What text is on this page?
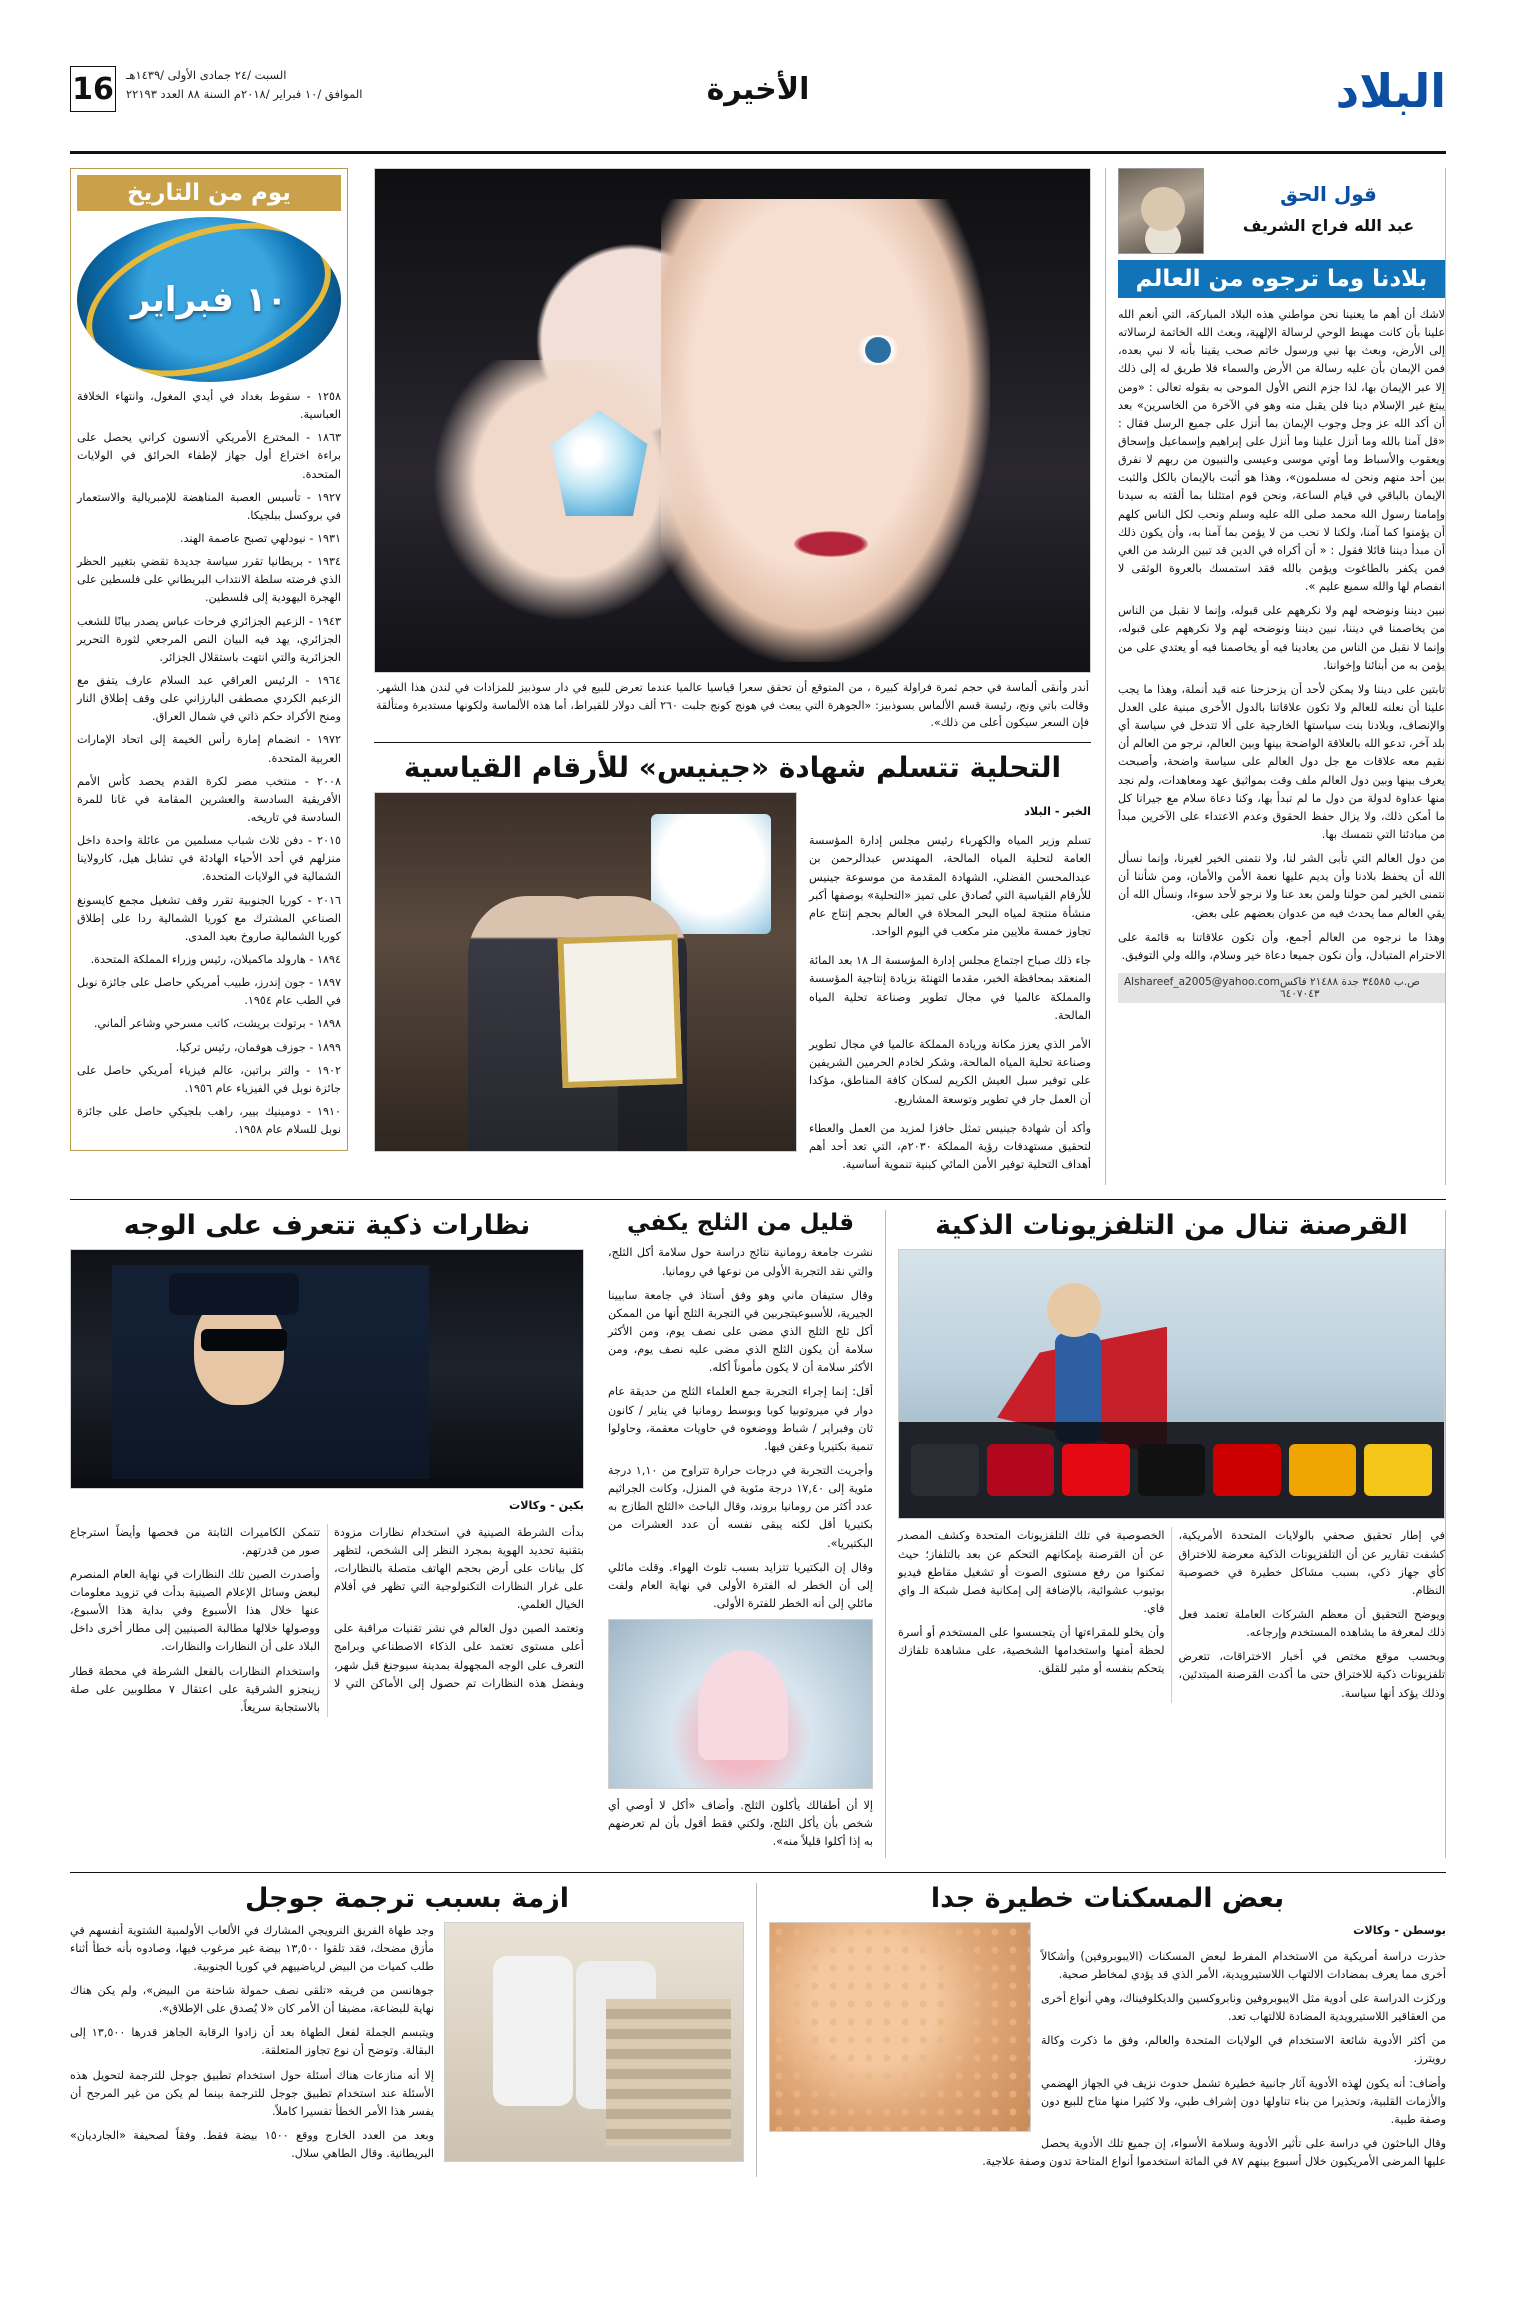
البلاد
الأخيرة
السبت /٢٤ جمادى الأولى /١٤٣٩هـ
الموافق /١٠ فبراير /٢٠١٨م السنة ٨٨ العدد ٢٢١٩٣
16
قول الحق
عبد الله فراج الشريف
بلادنا وما ترجوه من العالم

لاشك أن أهم ما يعنينا نحن مواطني هذه البلاد المباركة، التي أنعم الله علينا بأن كانت مهبط الوحي لرسالة الإلهية، وبعث الله الخاتمة لرسالاته إلى الأرض، وبعث بها نبي ورسول خاتم صحب يقينا بأنه لا نبي بعده، فمن الإيمان بأن عليه رسالة من الأرض والسماء فلا طريق له إلى ذلك إلا عبر الإيمان بها، لذا جزم النص الأول الموحى به بقوله تعالى : «ومن يبتغ غير الإسلام دينا فلن يقبل منه وهو في الآخرة من الخاسرين» بعد أن أكد الله عز وجل وجوب الإيمان بما أنزل على جميع الرسل فقال : «قل آمنا بالله وما أنزل علينا وما أنزل على إبراهيم وإسماعيل وإسحاق ويعقوب والأسباط وما أوتي موسى وعيسى والنبيون من ربهم لا نفرق بين أحد منهم ونحن له مسلمون»، وهذا هو أثبت بالإيمان بالكل والثبت الإيمان بالباقي في قيام الساعة، ونحن قوم امتثلنا بما ألقته به سيدنا وإمامنا رسول الله محمد صلى الله عليه وسلم ونحب لكل الناس كلهم أن يؤمنوا كما آمنا، ولكنا لا نحب من لا يؤمن بما آمنا به، وأن يكون ذلك أن مبدأ ديننا قائلا فقول : « أن أكراه في الدين قد تبين الرشد من الغي فمن يكفر بالطاغوت ويؤمن بالله فقد استمسك بالعروة الوثقى لا انفصام لها والله سميع عليم ».

نبين ديننا ونوضحه لهم ولا نكرههم على قبوله، وإنما لا نقبل من الناس من يخاصمنا في ديننا، نبين ديننا ونوضحه لهم ولا نكرههم على قبوله، وإنما لا نقبل من الناس من يعادينا فيه أو يخاصمنا فيه أو يعتدي على من يؤمن به من أبنائنا وإخواننا.

تابتين على ديننا ولا يمكن لأحد أن يزحزحنا عنه قيد أنملة، وهذا ما يجب علينا أن نعلنه للعالم ولا تكون علاقاتنا بالدول الأخرى مبنية على العدل والإنصاف، وبلادنا بنت سياستها الخارجية على ألا تتدخل في سياسة أي بلد آخر، تدعو الله بالعلاقة الواضحة بينها وبين العالم، نرجو من العالم أن نقيم معه علاقات مع جل دول العالم على سياسة واضحة، وأصبحت يعرف بينها وبين دول العالم ملف وقت بمواثيق عهد ومعاهدات، ولم نجد منها عداوة لدولة من دول ما لم تبدأ بها، وكنا دعاة سلام مع جيرانا كل ما أمكن ذلك، ولا يزال حفظ الحقوق وعدم الاعتداء على الآخرين مبدأ من مبادئنا التي نتمسك بها.

من دول العالم التي تأبى الشر لنا، ولا نتمنى الخير لغيرنا، وإنما نسأل الله أن يحفظ بلادنا وأن يديم عليها نعمة الأمن والأمان، ومن شأننا أن نتمنى الخير لمن حولنا ولمن بعد عنا ولا نرجو لأحد سوءا، ونسأل الله أن يقي العالم مما يحدث فيه من عدوان بعضهم على بعض.

وهذا ما نرجوه من العالم أجمع، وأن تكون علاقاتنا به قائمة على الاحترام المتبادل، وأن نكون جميعا دعاة خير وسلام، والله ولي التوفيق.

Alshareef_a2005@yahoo.com ص.ب ٣٤٥٨٥ جدة ٢١٤٨٨ فاكس ٦٤٠٧٠٤٣
أندر وأنقى ألماسة في حجم ثمرة فراولة كبيرة ، من المتوقع أن تحقق سعرا قياسيا عالميا عندما تعرض للبيع في دار سوذبيز للمزادات في لندن هذا الشهر. وقالت باتي ونج، رئيسة قسم الألماس بسوذبيز: «الجوهرة التي يبعث في هونج كونج جلبت ٢٦٠ ألف دولار للقيراط، أما هذه الألماسة ولكونها مستديرة ومتألقة فإن السعر سيكون أعلى من ذلك».
التحلية تتسلم شهادة «جينيس» للأرقام القياسية

الخبر - البلاد

تسلم وزير المياه والكهرباء رئيس مجلس إدارة المؤسسة العامة لتحلية المياه المالحة، المهندس عبدالرحمن بن عبدالمحسن الفضلي، الشهادة المقدمة من موسوعة جينيس للأرقام القياسية التي تُصادق على تميز «التحلية» بوصفها أكبر منشأة منتجة لمياه البحر المحلاة في العالم بحجم إنتاج عام تجاوز خمسة ملايين متر مكعب في اليوم الواحد.

جاء ذلك صباح اجتماع مجلس إدارة المؤسسة الـ ١٨ بعد المائة المنعقد بمحافظة الخبر، مقدما التهنئة بزيادة إنتاجية المؤسسة والمملكة عالميا في مجال تطوير وصناعة تحلية المياه المالحة.

الأمر الذي يعزز مكانة وريادة المملكة عالميا في مجال تطوير وصناعة تحلية المياه المالحة، وشكر لخادم الحرمين الشريفين على توفير سبل العيش الكريم لسكان كافة المناطق، مؤكدا أن العمل جار في تطوير وتوسعة المشاريع.

وأكد أن شهادة جينيس تمثل حافزا لمزيد من العمل والعطاء لتحقيق مستهدفات رؤية المملكة ٢٠٣٠م، التي تعد أحد أهم أهداف التحلية توفير الأمن المائي كبنية تنموية أساسية.

يوم من التاريخ
١٠ فبراير

١٢٥٨ - سقوط بغداد في أيدي المغول، وانتهاء الخلافة العباسية.

١٨٦٣ - المخترع الأمريكي ألانسون كراني يحصل على براءة اختراع أول جهاز لإطفاء الحرائق في الولايات المتحدة.

١٩٢٧ - تأسيس العصبة المناهضة للإمبريالية والاستعمار في بروكسل ببلجيكا.

١٩٣١ - نيودلهي تصبح عاصمة الهند.

١٩٣٤ - بريطانيا تقرر سياسة جديدة تقضي بتغيير الحظر الذي فرضته سلطة الانتداب البريطاني على فلسطين على الهجرة اليهودية إلى فلسطين.

١٩٤٣ - الزعيم الجزائري فرحات عباس يصدر بيانًا للشعب الجزائري، يهد فيه البيان النص المرجعي لثورة التحرير الجزائرية والتي انتهت باستقلال الجزائر.

١٩٦٤ - الرئيس العراقي عبد السلام عارف يتفق مع الزعيم الكردي مصطفى البارزاني على وقف إطلاق النار ومنح الأكراد حكم ذاتي في شمال العراق.

١٩٧٢ - انضمام إمارة رأس الخيمة إلى اتحاد الإمارات العربية المتحدة.

٢٠٠٨ - منتخب مصر لكرة القدم يحصد كأس الأمم الأفريقية السادسة والعشرين المقامة في غانا للمرة السادسة في تاريخه.

٢٠١٥ - دفن ثلاث شباب مسلمين من عائلة واحدة داخل منزلهم في أحد الأحياء الهادئة في تشابل هيل، كارولاينا الشمالية في الولايات المتحدة.

٢٠١٦ - كوريا الجنوبية تقرر وقف تشغيل مجمع كايسونغ الصناعي المشترك مع كوريا الشمالية ردا على إطلاق كوريا الشمالية صاروخ بعيد المدى.

١٨٩٤ - هارولد ماكميلان، رئيس وزراء المملكة المتحدة.

١٨٩٧ - جون إندرز، طبيب أمريكي حاصل على جائزة نوبل في الطب عام ١٩٥٤.

١٨٩٨ - برتولت بريشت، كاتب مسرحي وشاعر ألماني.

١٨٩٩ - جوزف هوفمان، رئيس تركيا.

١٩٠٢ - والتر براتين، عالم فيزياء أمريكي حاصل على جائزة نوبل في الفيزياء عام ١٩٥٦.

١٩١٠ - دومينيك بيير، راهب بلجيكي حاصل على جائزة نوبل للسلام عام ١٩٥٨.

القرصنة تنال من التلفزيونات الذكية

في إطار تحقيق صحفي بالولايات المتحدة الأمريكية، كشفت تقارير عن أن التلفزيونات الذكية معرضة للاختراق كأي جهاز ذكي، بسبب مشاكل خطيرة في خصوصية النظام.

ويوضح التحقيق أن معظم الشركات العاملة تعتمد فعل ذلك لمعرفة ما يشاهده المستخدم وإرجاعه.

وبحسب موقع مختص في أخبار الاختراقات، تتعرض تلفزيونات ذكية للاختراق حتى ما أكدت القرصنة المبتدئين، وذلك يؤكد أنها سياسة.

الخصوصية في تلك التلفزيونات المتحدة وكشف المصدر عن أن القرصنة بإمكانهم التحكم عن بعد بالتلفاز؛ حيث تمكنوا من رفع مستوى الصوت أو تشغيل مقاطع فيديو بوتيوب عشوائية، بالإضافة إلى إمكانية فصل شبكة الـ واي فاي.

وأن يخلو للمقراءتها أن يتجسسوا على المستخدم أو أسرة لحظة أمنها واستخدامها الشخصية، على مشاهدة تلفازك يتحكم بنفسه أو مثير للقلق.

قليل من الثلج يكفي

نشرت جامعة رومانية نتائج دراسة حول سلامة أكل الثلج، والتي نقد التجربة الأولى من نوعها في رومانيا.

وقال ستيفان ماني وهو وفق أستاذ في جامعة سابيينا الجيرية، للأسبوعيتجربين في التجربة الثلج أنها من الممكن أكل ثلج الثلج الذي مضى على نصف يوم، ومن الأكثر سلامة أن يكون الثلج الذي مضى عليه نصف يوم، ومن الأكثر سلامة أن لا يكون مأموناً أكله.

أقل: إنما إجراء التجربة جمع العلماء الثلج من حديقة عام دوار في ميروتوبيا كوبا وبوسط رومانيا في يناير / كانون ثان وفبراير / شباط ووضعوه في حاويات معقمة، وحاولوا تنمية بكتيريا وعفن فيها.

وأجريت التجربة في درجات حرارة تتراوح من ١,١٠ درجة مئوية إلى ١٧,٤٠ درجة مئوية في المنزل، وكانت الجراثيم عدد أكثر من رومانيا بروند، وقال الباحث «الثلج الطازج به بكتيريا أقل لكنه يبقى نفسه أن عدد العشرات من البكتيريا».

وقال إن البكتيريا تتزايد بسبب تلوث الهواء. وقلت مائلي إلى أن الخطر له الفترة الأولى في نهاية العام ولفت مائلي إلى أنه الخطر للفترة الأولى.

إلا أن أطفالك يأكلون الثلج. وأضاف «أكل لا أوصي أي شخص بأن يأكل الثلج، ولكني فقط أقول بأن لم تعرضهم به إذا أكلوا قليلاً منه».

نظارات ذكية تتعرف على الوجه
بكين - وكالات

بدأت الشرطة الصينية في استخدام نظارات مزودة بتقنية تحديد الهوية بمجرد النظر إلى الشخص، لتظهر كل بيانات على أرض بحجم الهاتف متصلة بالنظارات، على غرار النظارات التكنولوجية التي تظهر في أفلام الخيال العلمي.

وتعتمد الصين دول العالم في نشر تقنيات مراقبة على أعلى مستوى تعتمد على الذكاء الاصطناعي وبرامج التعرف على الوجه المجهولة بمدينة سيوجنغ قبل شهر، وبفضل هذه النظارات تم حصول إلى الأماكن التي لا تتمكن الكاميرات الثابتة من فحصها وأيضاً استرجاع صور من قدرتهم.

وأصدرت الصين تلك النظارات في نهاية العام المنصرم لبعض وسائل الإعلام الصينية بدأت في تزويد معلومات عنها خلال هذا الأسبوع وفي بداية هذا الأسبوع، ووصولها خلالها مطالبة الصينيين إلى مطار أخرى داخل البلاد على أن النظارات والنظارات.

واستخدام النظارات بالفعل الشرطة في محطة قطار زينجزو الشرقية على اعتقال ٧ مطلوبين على صلة بالاستجابة سريعاً.

بعض المسكنات خطيرة جدا
بوسطن - وكالات

حذرت دراسة أمريكية من الاستخدام المفرط لبعض المسكنات (الايبوبروفين) وأشكالاً أخرى مما يعرف بمضادات الالتهاب اللاستيرويدية، الأمر الذي قد يؤدي لمخاطر صحية.

وركزت الدراسة على أدوية مثل الايبوبروفين ونابروكسين والديكلوفيناك، وهي أنواع أخرى من العقاقير اللاستيرويدية المضادة للالتهاب تعد.

من أكثر الأدوية شائعة الاستخدام في الولايات المتحدة والعالم، وفق ما ذكرت وكالة رويترز.

وأضاف: أنه يكون لهذه الأدوية آثار جانبية خطيرة تشمل حدوث نزيف في الجهاز الهضمي والأزمات القلبية، وتحذيرا من بناء تناولها دون إشراف طبي، ولا كثيرا منها متاح للبيع دون وصفة طبية.

وقال الباحثون في دراسة على تأثير الأدوية وسلامة الأسواء، إن جميع تلك الأدوية يحصل عليها المرضى الأمريكيون خلال أسبوع بينهم ٨٧ في المائة استخدموا أنواع المتاحة تدون وصفة علاجية.

ازمة بسبب ترجمة جوجل

وجد طهاة الفريق النرويجي المشارك في الألعاب الأولمبية الشتوية أنفسهم في مأزق مضحك، فقد تلقوا ١٣,٥٠٠ بيضة غير مرغوب فيها، وصادوه بأنه خطأ أثناء طلب كميات من البيض لرياضييهم في كوريا الجنوبية.

جوهانسن من فريقه «تلقى نصف حمولة شاحنة من البيض»، ولم يكن هناك نهاية للبضاعة، مضيفا أن الأمر كان «لا يُصدق على الإطلاق».

ويتبسم الجملة لفعل الطهاة بعد أن زادوا الرقابة الجاهز قدرها ١٣,٥٠٠ إلى البقالة. وتوضح أن نوع تجاوز المتعلقة.

إلا أنه منازعات هناك أسئلة حول استخدام تطبيق جوجل للترجمة لتحويل هذه الأسئلة عند استخدام تطبيق جوجل للترجمة بينما لم يكن من غير المرجح أن يفسر هذا الأمر الخطأ تفسيرا كاملاً.

وبعد من العدد الخارج ووقع ١٥٠٠ بيضة فقط. وفقاً لصحيفة «الجارديان» البريطانية. وقال الطاهي سلال.
